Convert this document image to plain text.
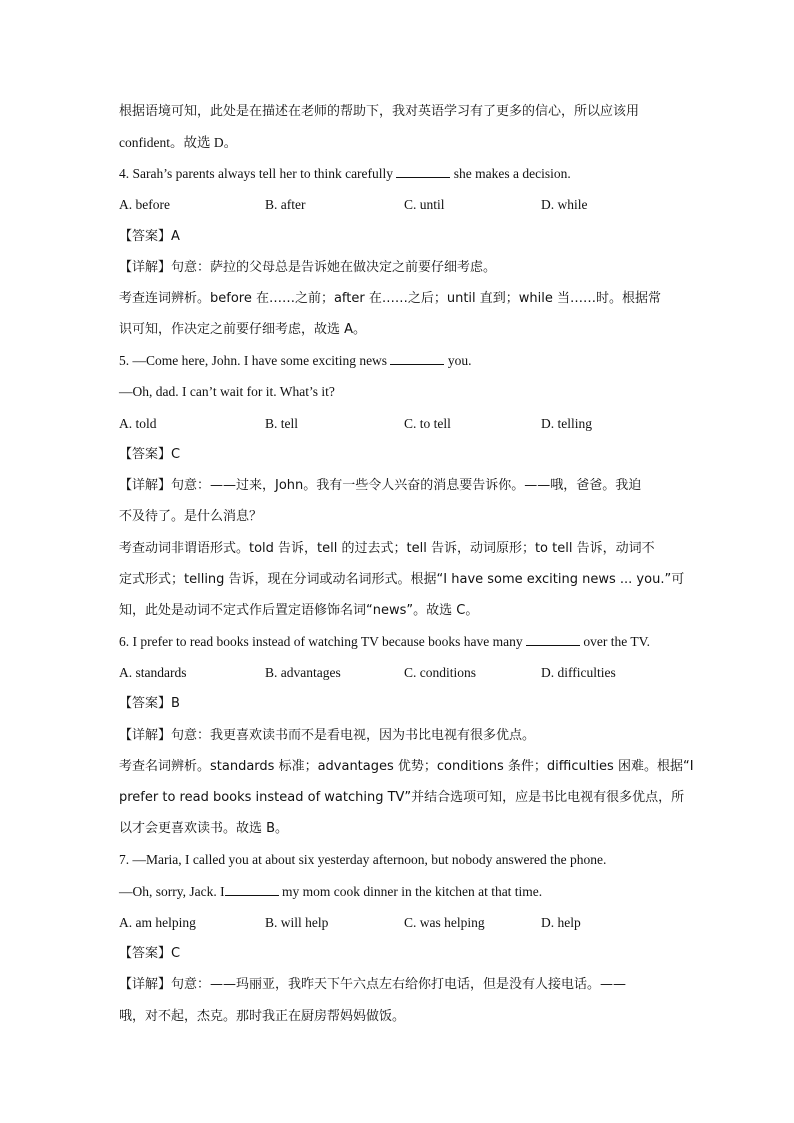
根据语境可知，此处是在描述在老师的帮助下，我对英语学习有了更多的信心，所以应该用
confident。故选 D。
4. Sarah’s parents always tell her to think carefully	she makes a decision.
A. before	B. after	C. until	D. while
【答案】A
【详解】句意：萨拉的父母总是告诉她在做决定之前要仔细考虑。
考查连词辨析。before 在……之前；after 在……之后；until 直到；while 当……时。根据常
识可知，作决定之前要仔细考虑，故选 A。
5. —Come here, John. I have some exciting news	you.
—Oh, dad. I can’t wait for it. What’s it?
A. told	B. tell	C. to tell	D. telling
【答案】C
【详解】句意：——过来，John。我有一些令人兴奋的消息要告诉你。——哦，爸爸。我迫
不及待了。是什么消息？
考查动词非谓语形式。told 告诉，tell 的过去式；tell 告诉，动词原形；to tell 告诉，动词不
定式形式；telling 告诉，现在分词或动名词形式。根据“I have some exciting news ... you.”可
知，此处是动词不定式作后置定语修饰名词“news”。故选 C。
6. I prefer to read books instead of watching TV because books have many	over the TV.
A. standards	B. advantages	C. conditions	D. difficulties
【答案】B
【详解】句意：我更喜欢读书而不是看电视，因为书比电视有很多优点。
考查名词辨析。standards 标准；advantages 优势；conditions 条件；difficulties 困难。根据“I
prefer to read books instead of watching TV”并结合选项可知，应是书比电视有很多优点，所
以才会更喜欢读书。故选 B。
7. —Maria, I called you at about six yesterday afternoon, but nobody answered the phone.
—Oh, sorry, Jack. I	my mom cook dinner in the kitchen at that time.
A. am helping	B. will help	C. was helping	D. help
【答案】C
【详解】句意：——玛丽亚，我昨天下午六点左右给你打电话，但是没有人接电话。——
哦，对不起，杰克。那时我正在厨房帮妈妈做饭。
